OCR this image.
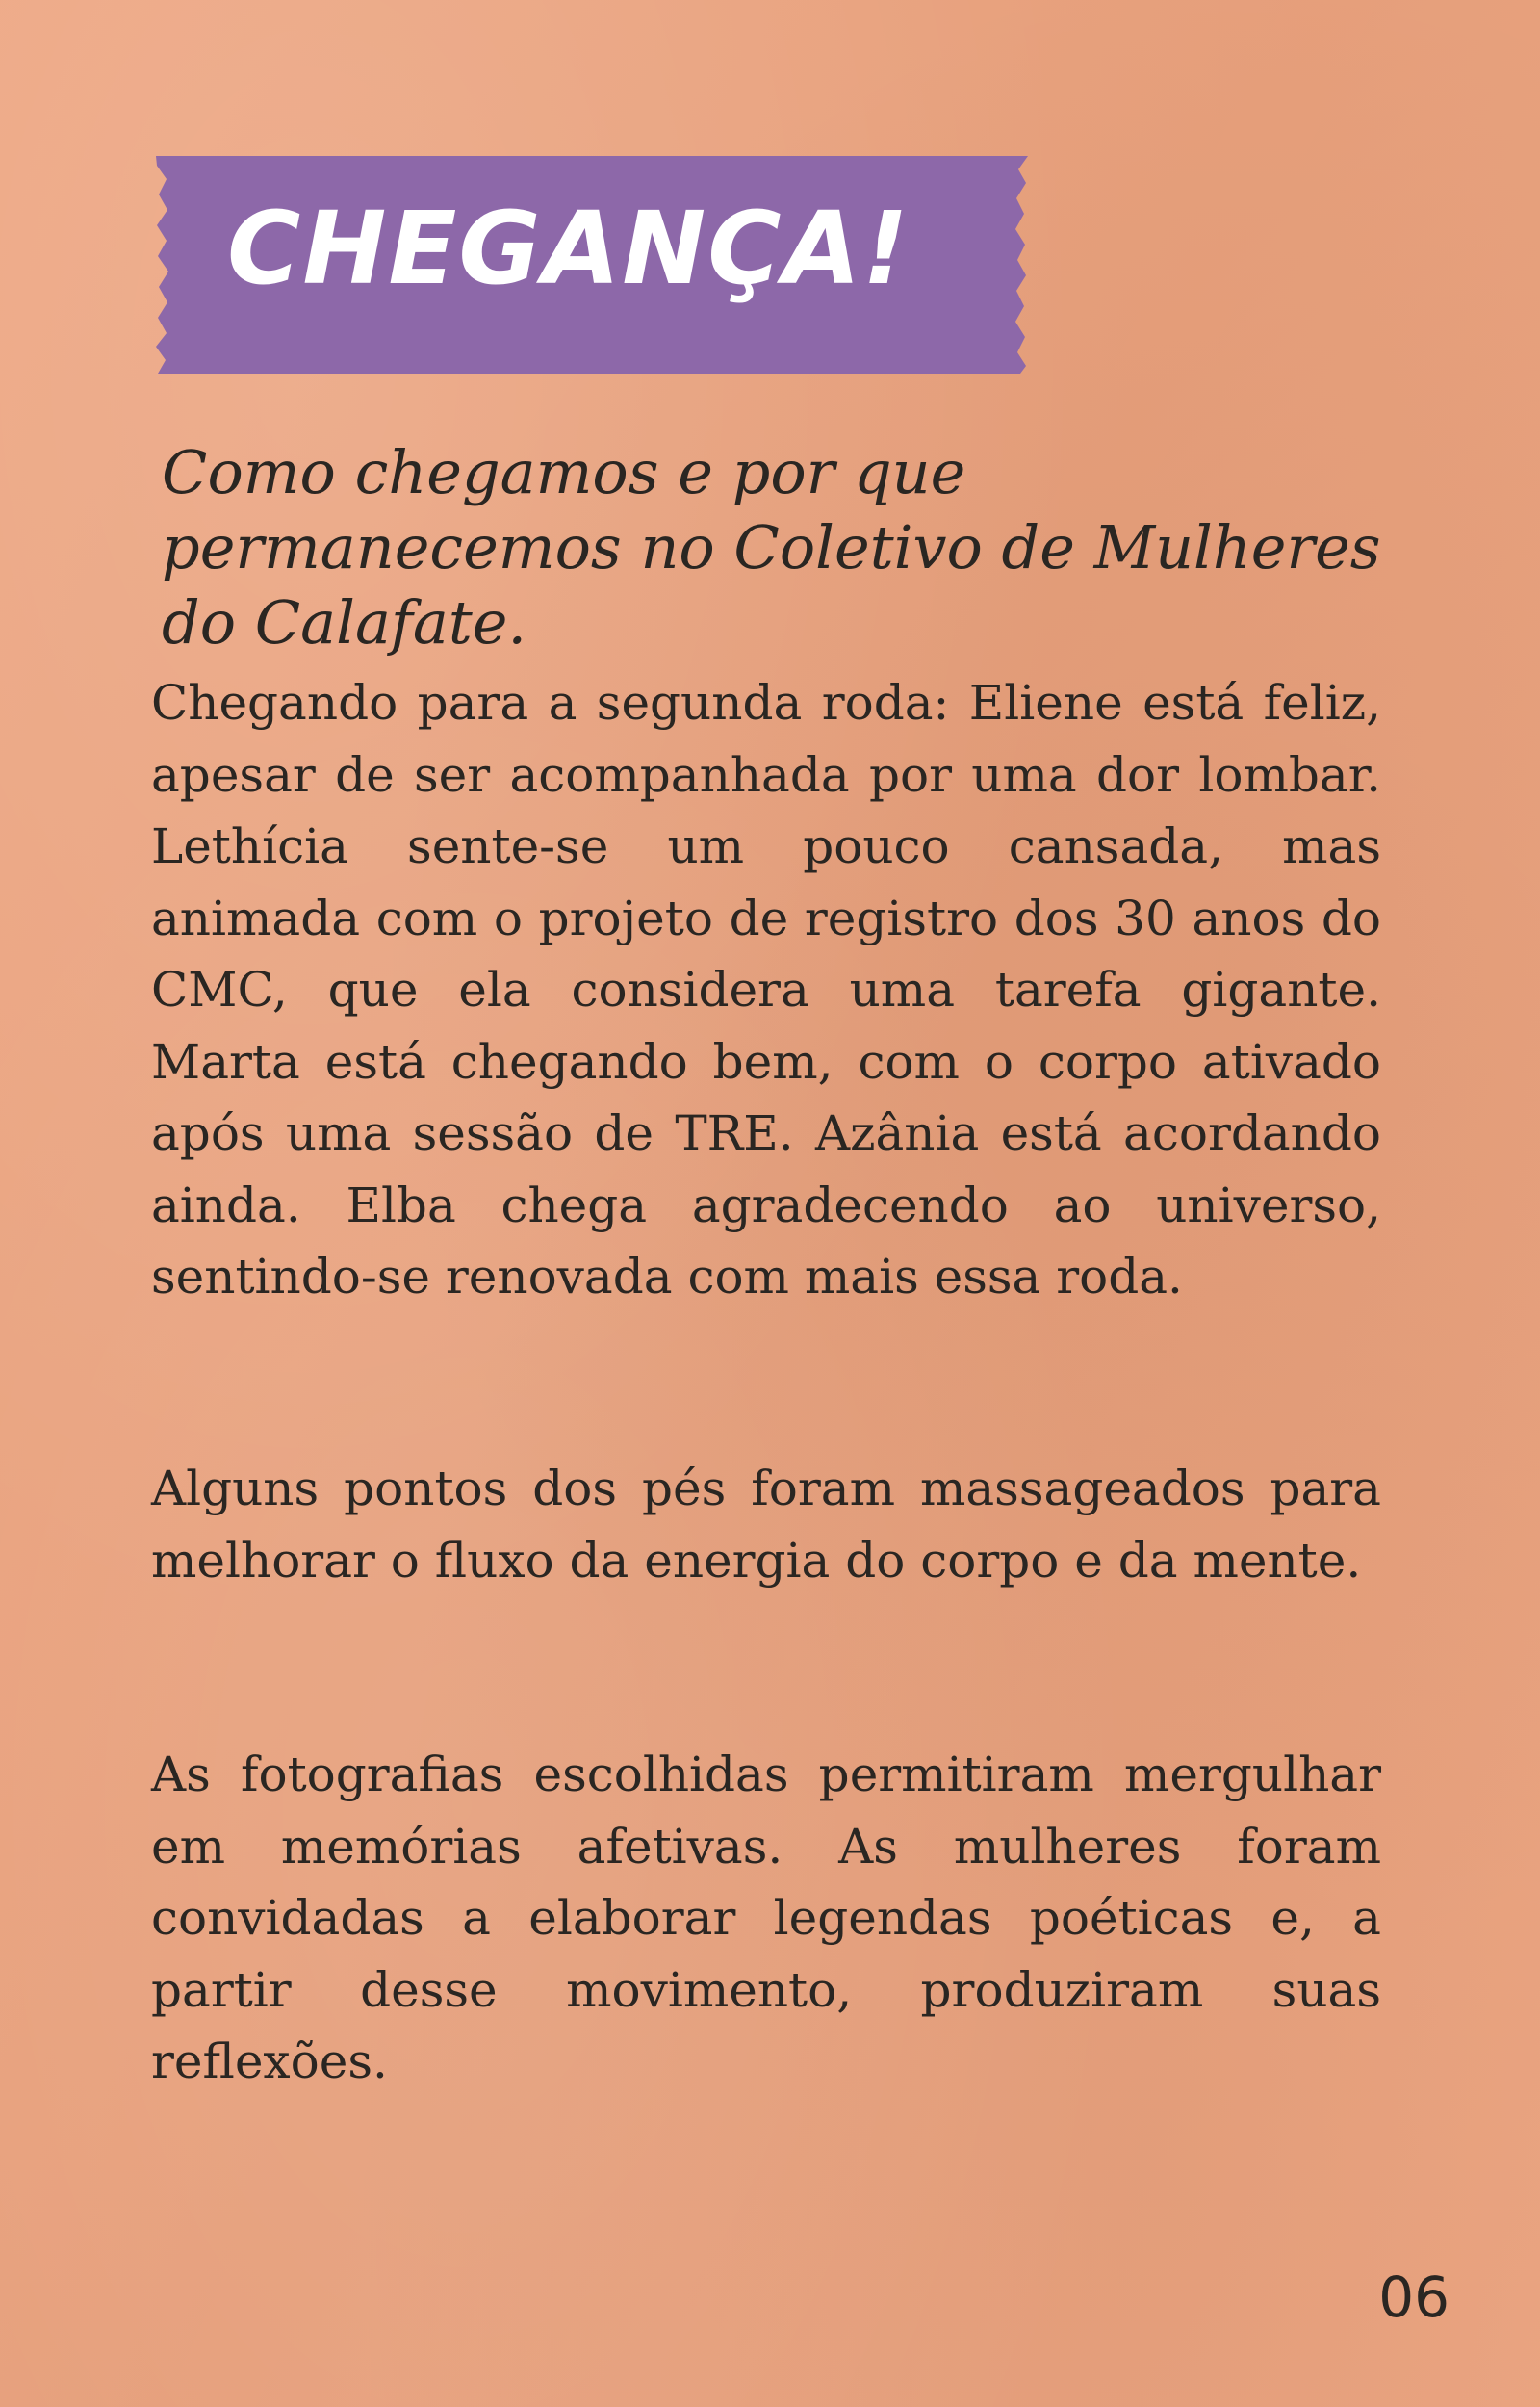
CHEGANÇA!

Como chegamos e por que permanecemos no Coletivo de Mulheres do Calafate.

Chegando para a segunda roda: Eliene está feliz, apesar de ser acompanhada por uma dor lombar. Lethícia sente-se um pouco cansada, mas animada com o projeto de registro dos 30 anos do CMC, que ela considera uma tarefa gigante. Marta está chegando bem, com o corpo ativado após uma sessão de TRE. Azânia está acordando ainda. Elba chega agradecendo ao universo, sentindo-se renovada com mais essa roda.

Alguns pontos dos pés foram massageados para melhorar o fluxo da energia do corpo e da mente.

As fotografias escolhidas permitiram mergulhar em memórias afetivas. As mulheres foram convidadas a elaborar legendas poéticas e, a partir desse movimento, produziram suas reflexões.

06
